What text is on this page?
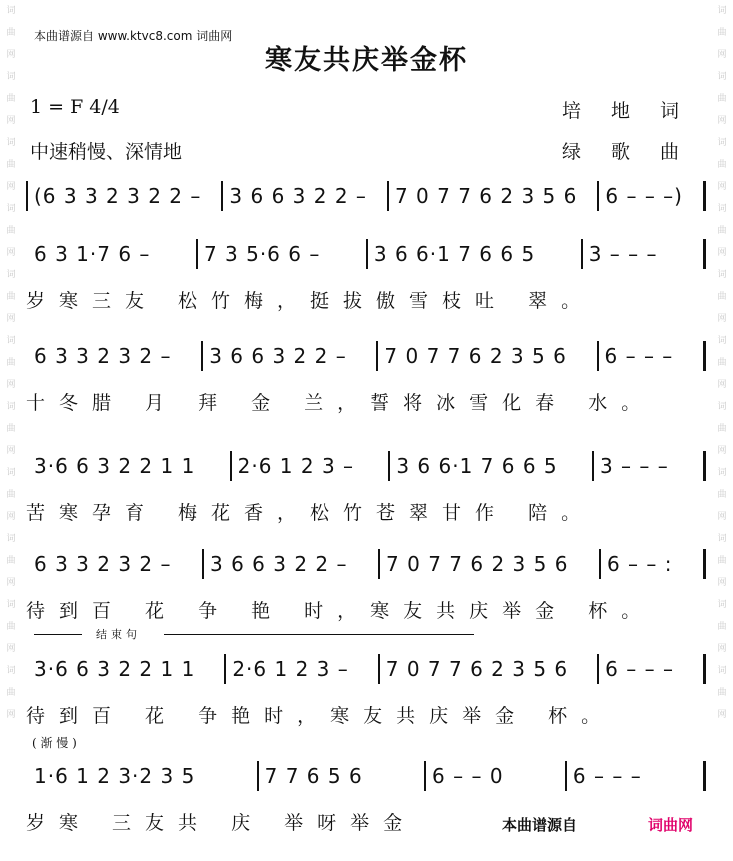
词
曲
网
词
曲
网
词
曲
网
词
曲
网
词
曲
网
词
曲
网
词
曲
网
词
曲
网
词
曲
网
词
曲
网
词
曲
网
词
曲
网
词
曲
网
词
曲
网
词
曲
网
词
曲
网
词
曲
网
词
曲
网
词
曲
网
词
曲
网
词
曲
网
词
曲
网
本曲谱源自 www.ktvc8.com 词曲网
寒友共庆举金杯
1 = F 4/4	培地词
中速稍慢、深情地	绿歌曲
(6 3 3 2 3 2 2 –	3 6 6 3 2 2 –	7 0 7 7 6 2 3 5 6	6 – – –)
6 3 1·7 6 –	7 3 5·6 6 –	3 6 6·1 7 6 6 5	3 – – –
岁寒三友 松竹梅，挺拔傲雪枝吐 翠。
6 3 3 2 3 2 –	3 6 6 3 2 2 –	7 0 7 7 6 2 3 5 6	6 – – –
十冬腊 月 拜 金 兰，誓将冰雪化春 水。
3·6 6 3 2 2 1 1	2·6 1 2 3 –	3 6 6·1 7 6 6 5	3 – – –
苦寒孕育 梅花香，松竹苍翠甘作 陪。
6 3 3 2 3 2 –	3 6 6 3 2 2 –	7 0 7 7 6 2 3 5 6	6 – – :
待到百 花 争 艳 时，寒友共庆举金 杯。
3·6 6 3 2 2 1 1	2·6 1 2 3 –	7 0 7 7 6 2 3 5 6	6 – – –
待到百 花 争艳时，寒友共庆举金 杯。
1·6 1 2 3·2 3 5	7 7 6 5 6	6 – – 0	6 – – –
岁寒 三友共 庆 举呀举金
结束句
( 渐 慢 )
本曲谱源自	词曲网
